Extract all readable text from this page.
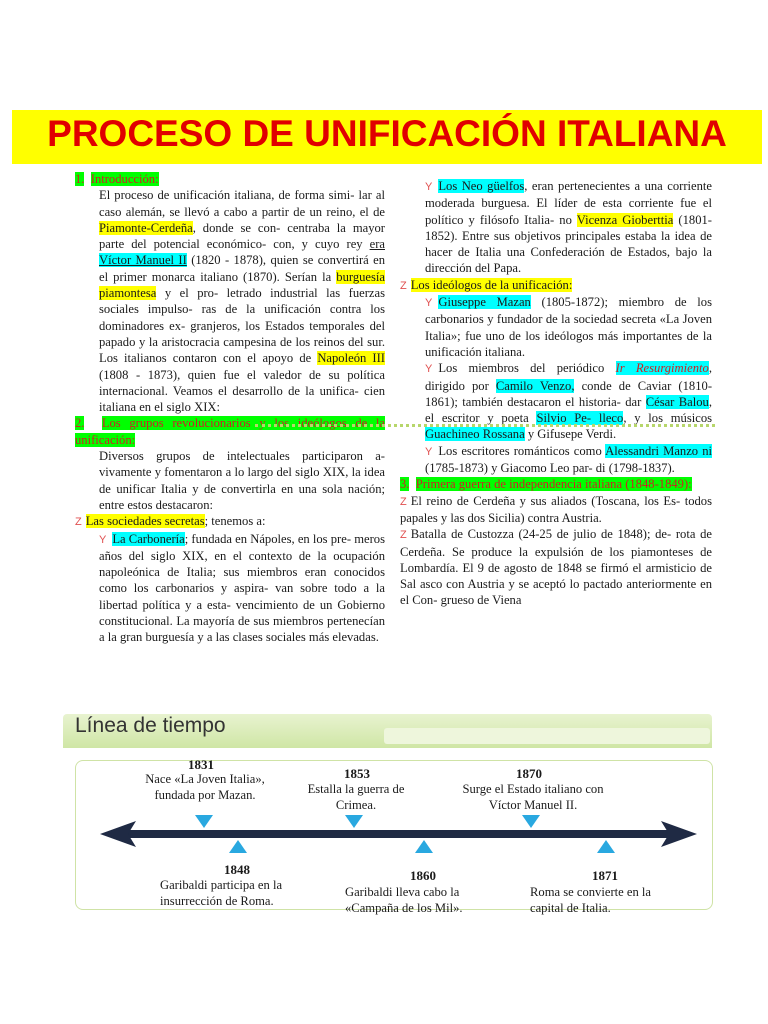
PROCESO DE UNIFICACIÓN ITALIANA

1. Introducción:

El proceso de unificación italiana, de forma simi- lar al caso alemán, se llevó a cabo a partir de un reino, el de Piamonte-Cerdeña, donde se con- centraba la mayor parte del potencial económico- con, y cuyo rey era Víctor Manuel II (1820 - 1878), quien se convertirá en el primer monarca italiano (1870). Serían la burguesía piamontesa y el pro- letrado industrial las fuerzas sociales impulso- ras de la unificación contra los dominadores ex- granjeros, los Estados temporales del papado y la aristocracia campesina de los reinos del sur. Los italianos contaron con el apoyo de Napoleón III (1808 - 1873), quien fue el valedor de su política internacional. Veamos el desarrollo de la unifica- cien italiana en el siglo XIX:

2. Los grupos revolucionarios y los ideólogos de la unificación:

Diversos grupos de intelectuales participaron a- vivamente y fomentaron a lo largo del siglo XIX, la idea de unificar Italia y de convertirla en una sola nación; entre estos destacaron:

Z Las sociedades secretas; tenemos a:

Y La Carbonería; fundada en Nápoles, en los pre- meros años del siglo XIX, en el contexto de la ocupación napoleónica de Italia; sus miembros eran conocidos como los carbonarios y aspira- van sobre todo a la libertad política y a esta- vencimiento de un Gobierno constitucional. La mayoría de sus miembros pertenecían a la gran burguesía y a las clases sociales más elevadas.

Y Los Neo güelfos, eran pertenecientes a una corriente moderada burguesa. El líder de esta corriente fue el político y filósofo Italia- no Vicenza Gioberttia (1801-1852). Entre sus objetivos principales estaba la idea de hacer de Italia una Confederación de Estados, bajo la dirección del Papa.

Z Los ideólogos de la unificación:

Y Giuseppe Mazan (1805-1872); miembro de los carbonarios y fundador de la sociedad secreta «La Joven Italia»; fue uno de los ideólogos más importantes de la unificación italiana.

Y Los miembros del periódico Ir Resurgimiento, dirigido por Camilo Venzo, conde de Caviar (1810-1861); también destacaron el historia- dar César Balou, el escritor y poeta Silvio Pe- lleco, y los músicos Guachineo Rossana y Gifusepe Verdi.

Y Los escritores románticos como Alessandri Manzo ni (1785-1873) y Giacomo Leo par- di (1798-1837).

3. Primera guerra de independencia italiana (1848-1849):

Z El reino de Cerdeña y sus aliados (Toscana, los Es- todos papales y las dos Sicilia) contra Austria.

Z Batalla de Custozza (24-25 de julio de 1848); de- rota de Cerdeña. Se produce la expulsión de los piamonteses de Lombardía. El 9 de agosto de 1848 se firmó el armisticio de Sal asco con Austria y se aceptó lo pactado anteriormente en el Con- grueso de Viena

Línea de tiempo
1831
Nace «La Joven Italia», fundada por Mazan.
1848
Garibaldi participa en la insurrección de Roma.
1853
Estalla la guerra de Crimea.
1860
Garibaldi lleva cabo la «Campaña de los Mil».
1870
Surge el Estado italiano con Víctor Manuel II.
1871
Roma se convierte en la capital de Italia.
